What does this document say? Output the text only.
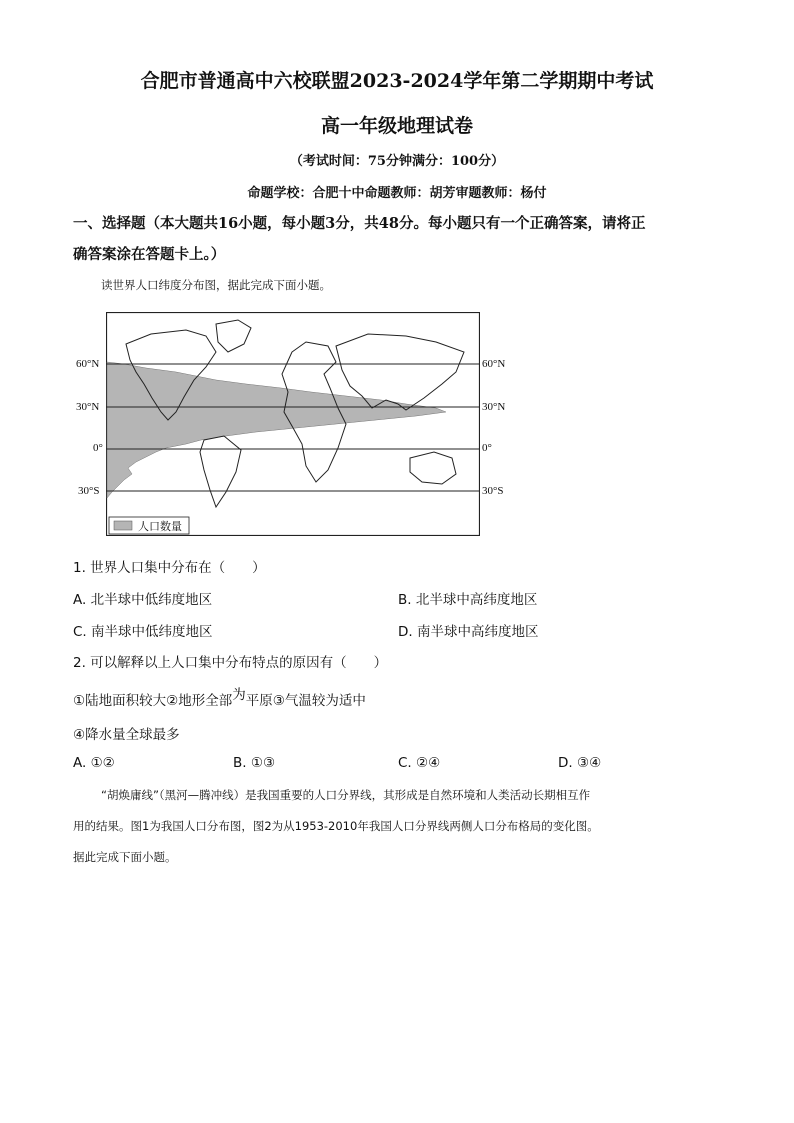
合肥市普通高中六校联盟2023-2024学年第二学期期中考试
高一年级地理试卷
（考试时间：75分钟满分：100分）
命题学校：合肥十中命题教师：胡芳审题教师：杨付
一、选择题（本大题共16小题，每小题3分，共48分。每小题只有一个正确答案，请将正
确答案涂在答题卡上。）
读世界人口纬度分布图，据此完成下面小题。
人口数量
60°N
30°N
0°
30°S
60°N
30°N
0°
30°S
1. 世界人口集中分布在（　　）
A. 北半球中低纬度地区	B. 北半球中高纬度地区
C. 南半球中低纬度地区	D. 南半球中高纬度地区
2. 可以解释以上人口集中分布特点的原因有（　　）
①陆地面积较大②地形全部为平原③气温较为适中
④降水量全球最多
A. ①②	B. ①③	C. ②④	D. ③④
“胡焕庸线”（黑河—腾冲线）是我国重要的人口分界线，其形成是自然环境和人类活动长期相互作
用的结果。图1为我国人口分布图，图2为从1953-2010年我国人口分界线两侧人口分布格局的变化图。
据此完成下面小题。
